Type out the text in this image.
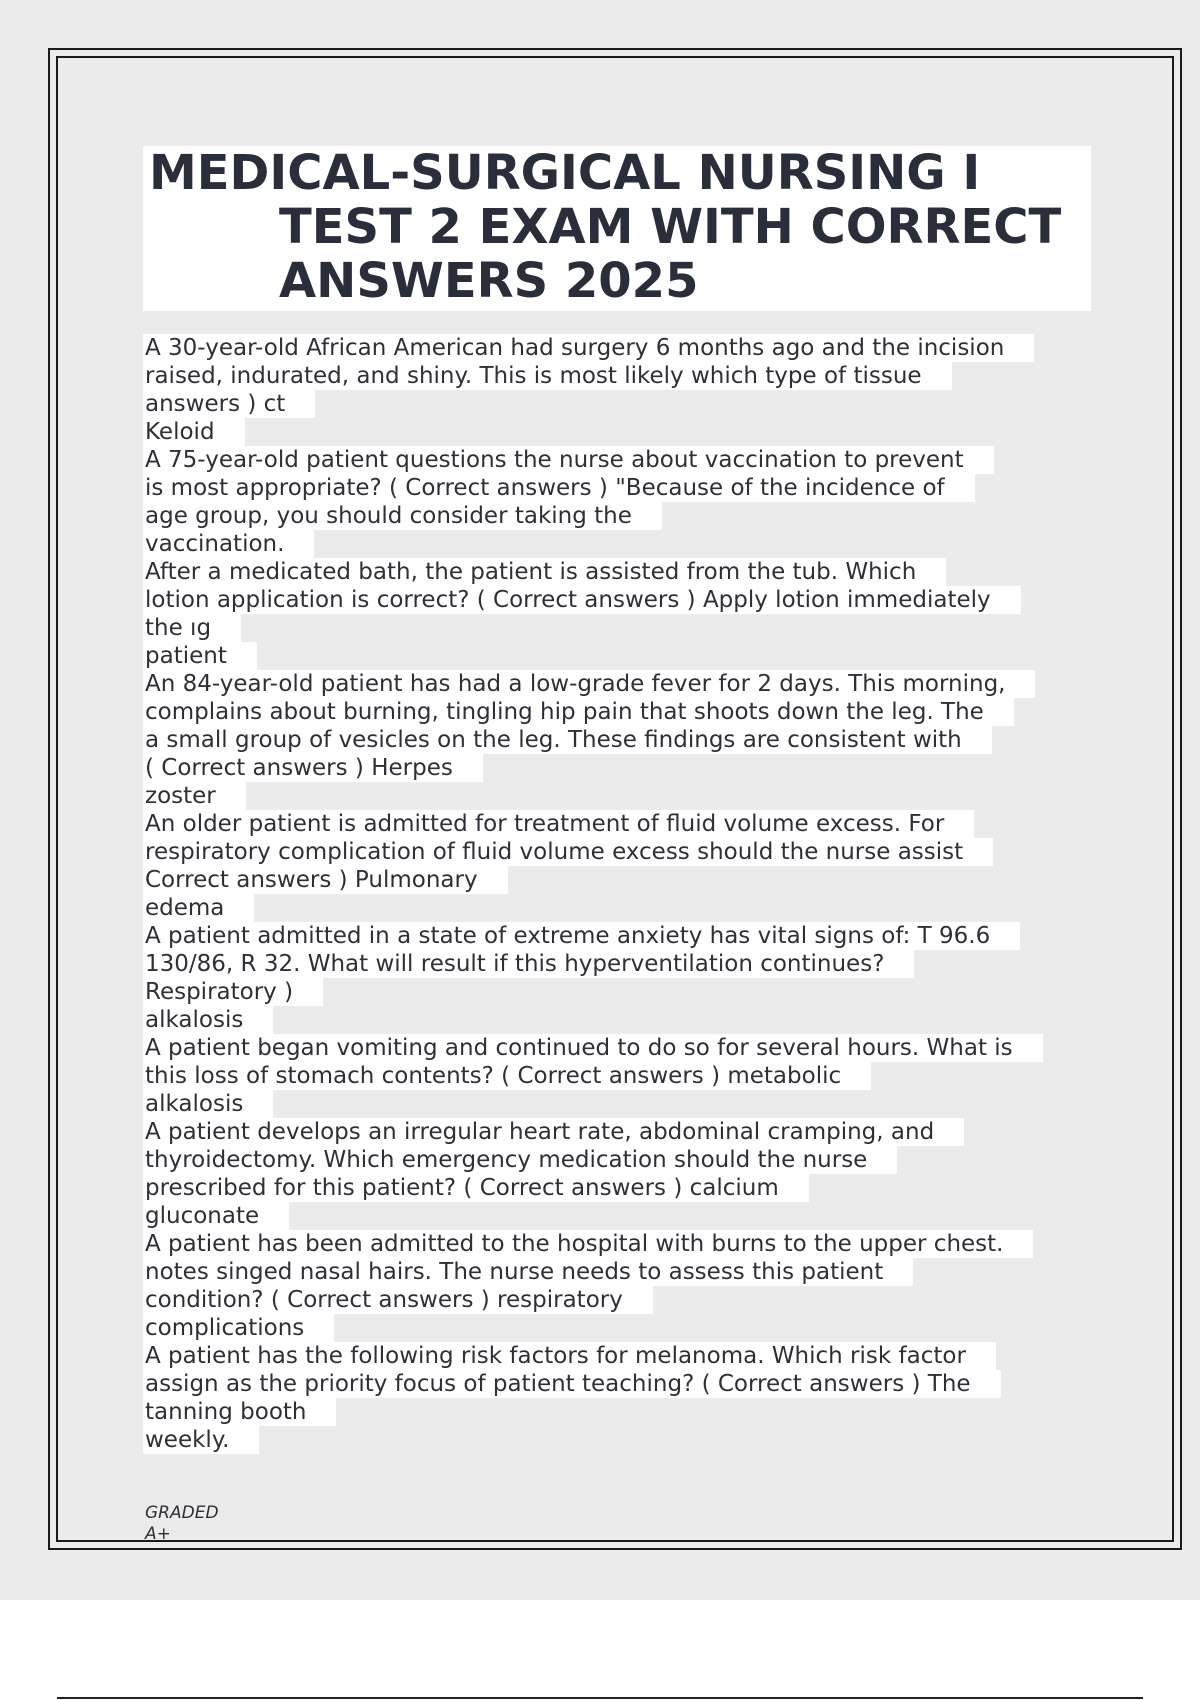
MEDICAL-SURGICAL NURSING I
TEST 2 EXAM WITH CORRECT
ANSWERS 2025
A 30-year-old African American had surgery 6 months ago and the incision
raised, indurated, and shiny. This is most likely which type of tissue
answers ) ct
Keloid
A 75-year-old patient questions the nurse about vaccination to prevent
is most appropriate? ( Correct answers ) "Because of the incidence of
age group, you should consider taking the
vaccination.
After a medicated bath, the patient is assisted from the tub. Which
lotion application is correct? ( Correct answers ) Apply lotion immediately
the ıg
patient
An 84-year-old patient has had a low-grade fever for 2 days. This morning,
complains about burning, tingling hip pain that shoots down the leg. The
a small group of vesicles on the leg. These findings are consistent with
( Correct answers ) Herpes
zoster
An older patient is admitted for treatment of fluid volume excess. For
respiratory complication of fluid volume excess should the nurse assist
Correct answers ) Pulmonary
edema
A patient admitted in a state of extreme anxiety has vital signs of: T 96.6
130/86, R 32. What will result if this hyperventilation continues?
Respiratory )
alkalosis
A patient began vomiting and continued to do so for several hours. What is
this loss of stomach contents? ( Correct answers ) metabolic
alkalosis
A patient develops an irregular heart rate, abdominal cramping, and
thyroidectomy. Which emergency medication should the nurse
prescribed for this patient? ( Correct answers ) calcium
gluconate
A patient has been admitted to the hospital with burns to the upper chest.
notes singed nasal hairs. The nurse needs to assess this patient
condition? ( Correct answers ) respiratory
complications
A patient has the following risk factors for melanoma. Which risk factor
assign as the priority focus of patient teaching? ( Correct answers ) The
tanning booth
weekly.
GRADED
A+
